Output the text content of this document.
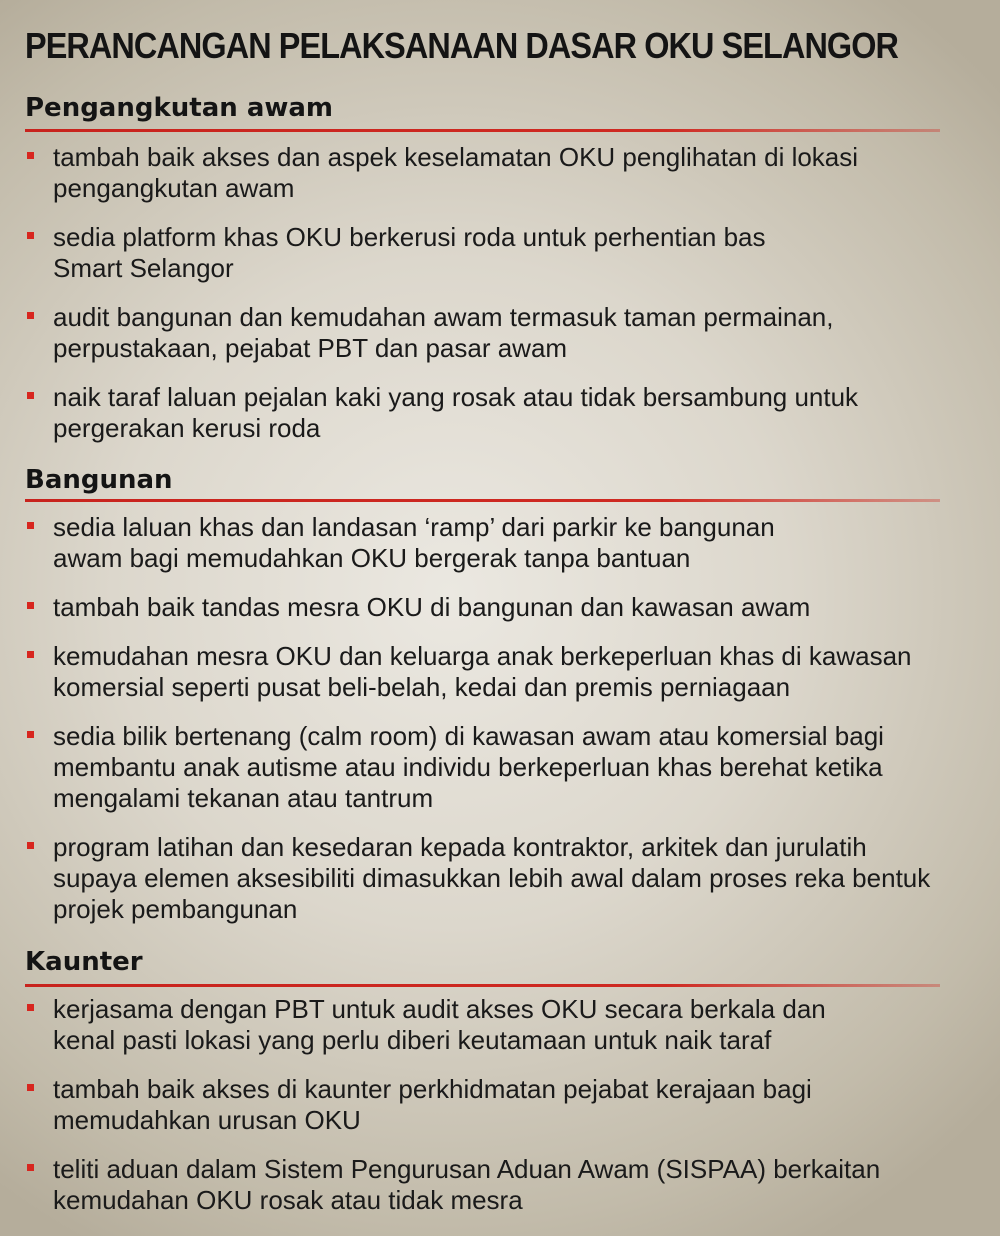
PERANCANGAN PELAKSANAAN DASAR OKU SELANGOR
Pengangkutan awam
tambah baik akses dan aspek keselamatan OKU penglihatan di lokasi
pengangkutan awam
sedia platform khas OKU berkerusi roda untuk perhentian bas
Smart Selangor
audit bangunan dan kemudahan awam termasuk taman permainan,
perpustakaan, pejabat PBT dan pasar awam
naik taraf laluan pejalan kaki yang rosak atau tidak bersambung untuk
pergerakan kerusi roda
Bangunan
sedia laluan khas dan landasan ‘ramp’ dari parkir ke bangunan
awam bagi memudahkan OKU bergerak tanpa bantuan
tambah baik tandas mesra OKU di bangunan dan kawasan awam
kemudahan mesra OKU dan keluarga anak berkeperluan khas di kawasan
komersial seperti pusat beli-belah, kedai dan premis perniagaan
sedia bilik bertenang (calm room) di kawasan awam atau komersial bagi
membantu anak autisme atau individu berkeperluan khas berehat ketika
mengalami tekanan atau tantrum
program latihan dan kesedaran kepada kontraktor, arkitek dan jurulatih
supaya elemen aksesibiliti dimasukkan lebih awal dalam proses reka bentuk
projek pembangunan
Kaunter
kerjasama dengan PBT untuk audit akses OKU secara berkala dan
kenal pasti lokasi yang perlu diberi keutamaan untuk naik taraf
tambah baik akses di kaunter perkhidmatan pejabat kerajaan bagi
memudahkan urusan OKU
teliti aduan dalam Sistem Pengurusan Aduan Awam (SISPAA) berkaitan
kemudahan OKU rosak atau tidak mesra
